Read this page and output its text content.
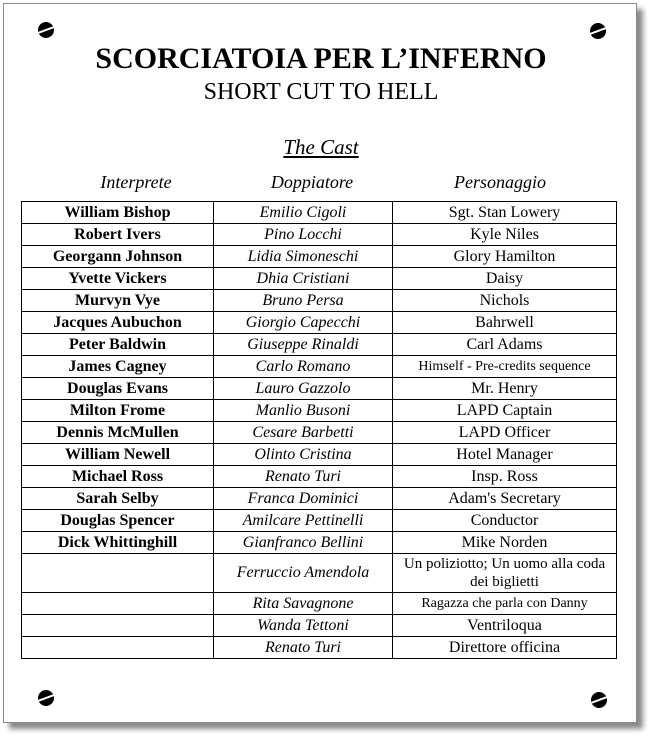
SCORCIATOIA PER L’INFERNO
SHORT CUT TO HELL
The Cast
Interprete	Doppiatore	Personaggio
William Bishop	Emilio Cigoli	Sgt. Stan Lowery
Robert Ivers	Pino Locchi	Kyle Niles
Georgann Johnson	Lidia Simoneschi	Glory Hamilton
Yvette Vickers	Dhia Cristiani	Daisy
Murvyn Vye	Bruno Persa	Nichols
Jacques Aubuchon	Giorgio Capecchi	Bahrwell
Peter Baldwin	Giuseppe Rinaldi	Carl Adams
James Cagney	Carlo Romano	Himself - Pre-credits sequence
Douglas Evans	Lauro Gazzolo	Mr. Henry
Milton Frome	Manlio Busoni	LAPD Captain
Dennis McMullen	Cesare Barbetti	LAPD Officer
William Newell	Olinto Cristina	Hotel Manager
Michael Ross	Renato Turi	Insp. Ross
Sarah Selby	Franca Dominici	Adam's Secretary
Douglas Spencer	Amilcare Pettinelli	Conductor
Dick Whittinghill	Gianfranco Bellini	Mike Norden
	Ferruccio Amendola	Un poliziotto; Un uomo alla coda dei biglietti
	Rita Savagnone	Ragazza che parla con Danny
	Wanda Tettoni	Ventriloqua
	Renato Turi	Direttore officina
